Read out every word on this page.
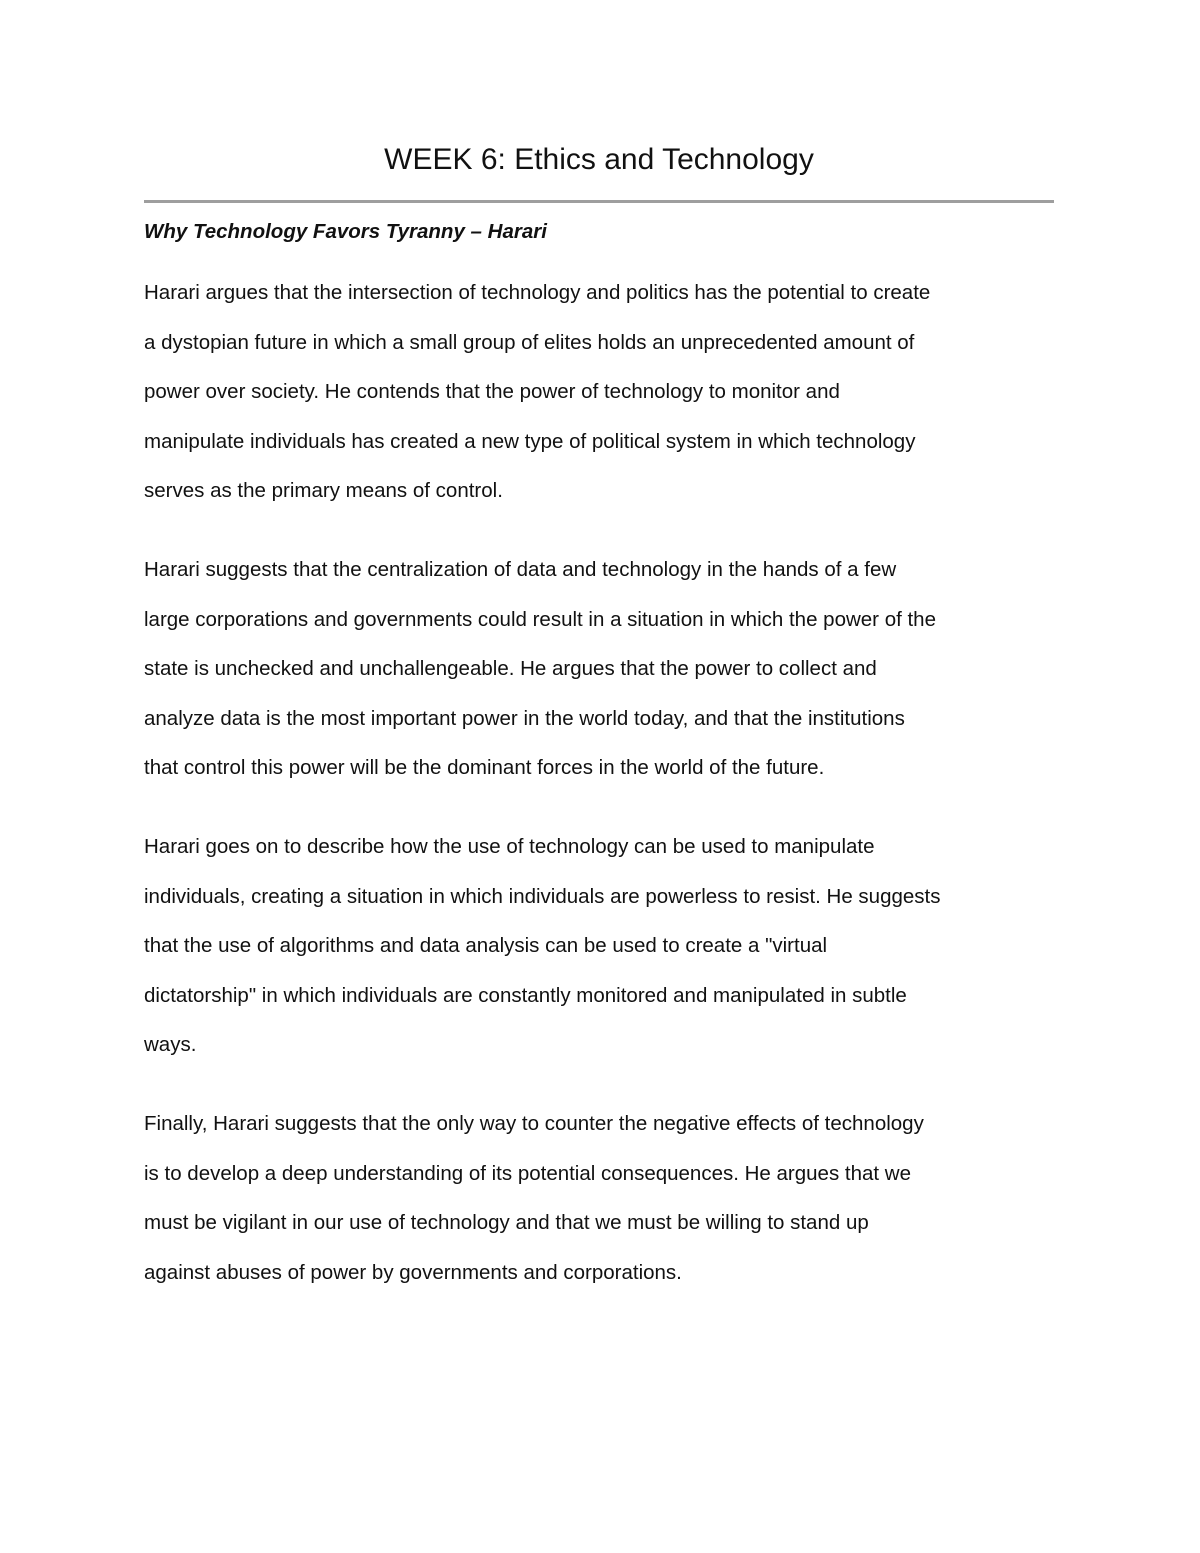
WEEK 6: Ethics and Technology
Why Technology Favors Tyranny – Harari
Harari argues that the intersection of technology and politics has the potential to create
a dystopian future in which a small group of elites holds an unprecedented amount of
power over society. He contends that the power of technology to monitor and
manipulate individuals has created a new type of political system in which technology
serves as the primary means of control.
Harari suggests that the centralization of data and technology in the hands of a few
large corporations and governments could result in a situation in which the power of the
state is unchecked and unchallengeable. He argues that the power to collect and
analyze data is the most important power in the world today, and that the institutions
that control this power will be the dominant forces in the world of the future.
Harari goes on to describe how the use of technology can be used to manipulate
individuals, creating a situation in which individuals are powerless to resist. He suggests
that the use of algorithms and data analysis can be used to create a "virtual
dictatorship" in which individuals are constantly monitored and manipulated in subtle
ways.
Finally, Harari suggests that the only way to counter the negative effects of technology
is to develop a deep understanding of its potential consequences. He argues that we
must be vigilant in our use of technology and that we must be willing to stand up
against abuses of power by governments and corporations.
